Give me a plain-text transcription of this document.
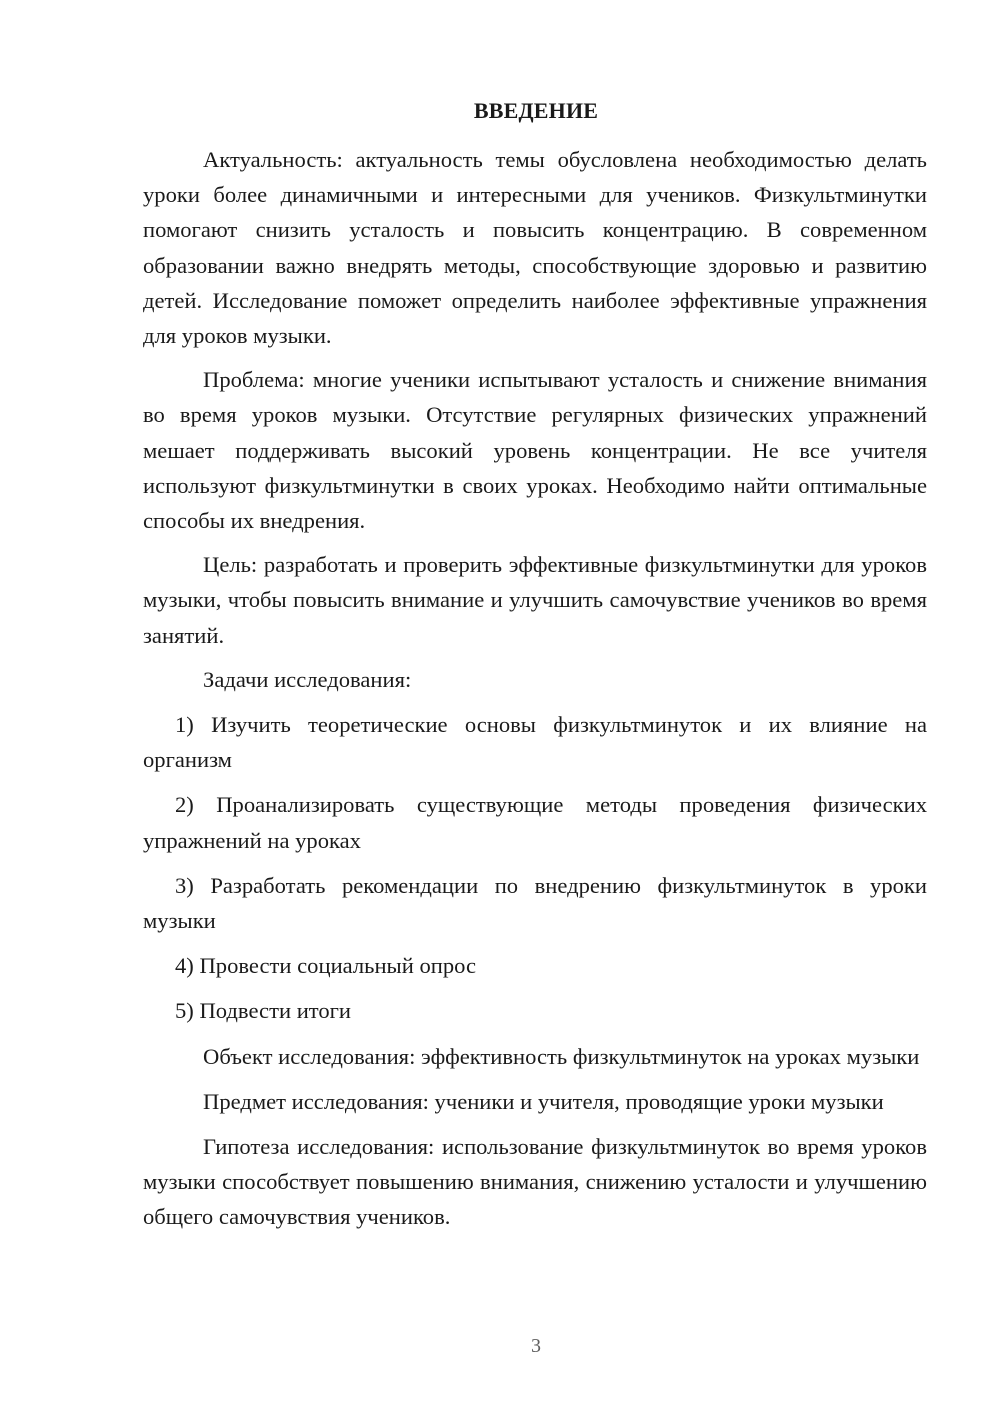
ВВЕДЕНИЕ

Актуальность: актуальность темы обусловлена необходимостью делать уроки более динамичными и интересными для учеников. Физкультминутки помогают снизить усталость и повысить концентрацию. В современном образовании важно внедрять методы, способствующие здоровью и развитию детей. Исследование поможет определить наиболее эффективные упражнения для уроков музыки.

Проблема: многие ученики испытывают усталость и снижение внимания во время уроков музыки. Отсутствие регулярных физических упражнений мешает поддерживать высокий уровень концентрации. Не все учителя используют физкультминутки в своих уроках. Необходимо найти оптимальные способы их внедрения.

Цель: разработать и проверить эффективные физкультминутки для уроков музыки, чтобы повысить внимание и улучшить самочувствие учеников во время занятий.

Задачи исследования:

1) Изучить теоретические основы физкультминуток и их влияние на организм

2) Проанализировать существующие методы проведения физических упражнений на уроках

3) Разработать рекомендации по внедрению физкультминуток в уроки музыки

4) Провести социальный опрос

5) Подвести итоги

Объект исследования: эффективность физкультминуток на уроках музыки

Предмет исследования: ученики и учителя, проводящие уроки музыки

Гипотеза исследования: использование физкультминуток во время уроков музыки способствует повышению внимания, снижению усталости и улучшению общего самочувствия учеников.

3
